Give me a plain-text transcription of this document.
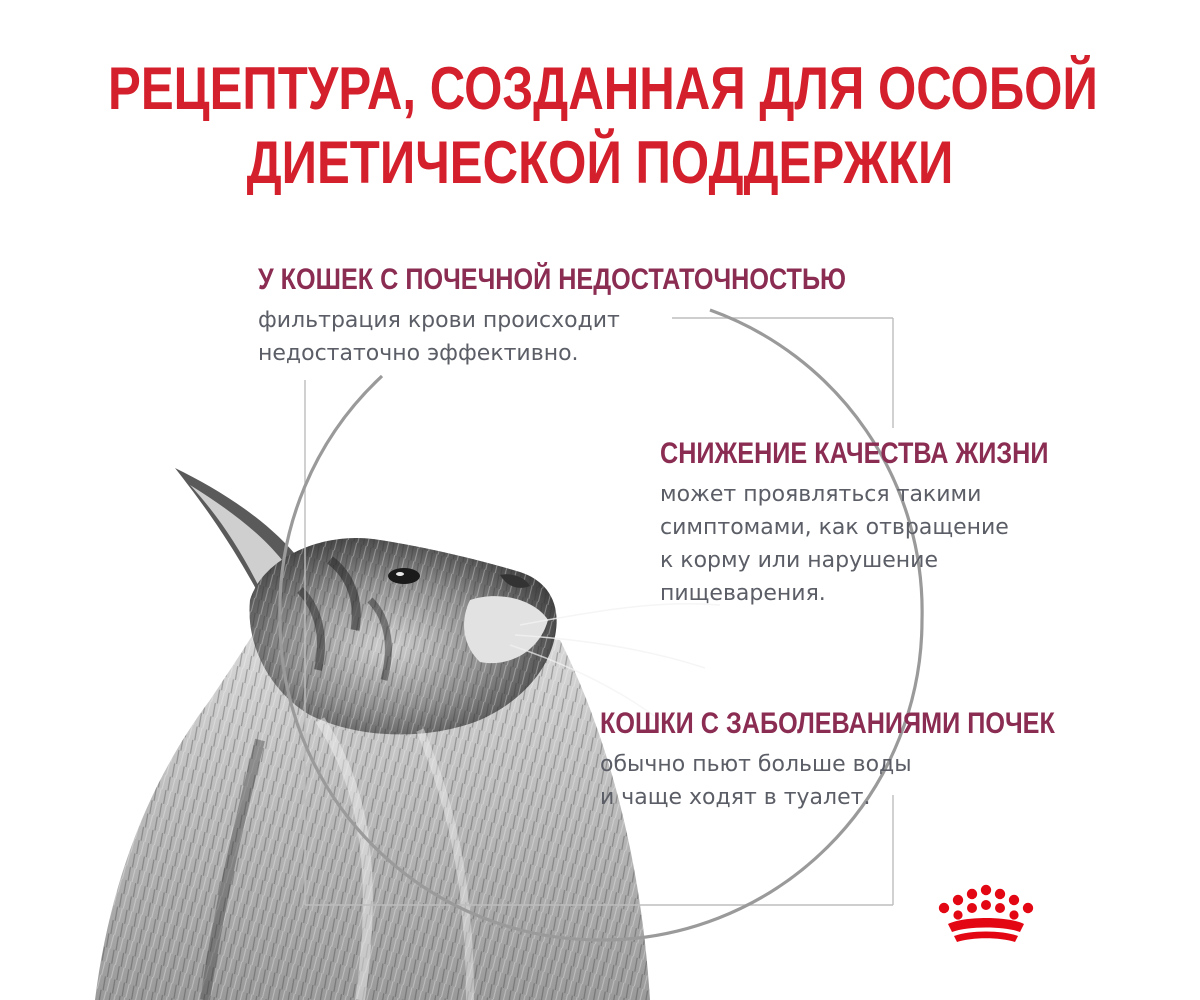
РЕЦЕПТУРА, СОЗДАННАЯ ДЛЯ ОСОБОЙ
ДИЕТИЧЕСКОЙ ПОДДЕРЖКИ

У КОШЕК С ПОЧЕЧНОЙ НЕДОСТАТОЧНОСТЬЮ

фильтрация крови происходит
недостаточно эффективно.

СНИЖЕНИЕ КАЧЕСТВА ЖИЗНИ

может проявляться такими
симптомами, как отвращение
к корму или нарушение
пищеварения.

КОШКИ С ЗАБОЛЕВАНИЯМИ ПОЧЕК

обычно пьют больше воды
и чаще ходят в туалет.
